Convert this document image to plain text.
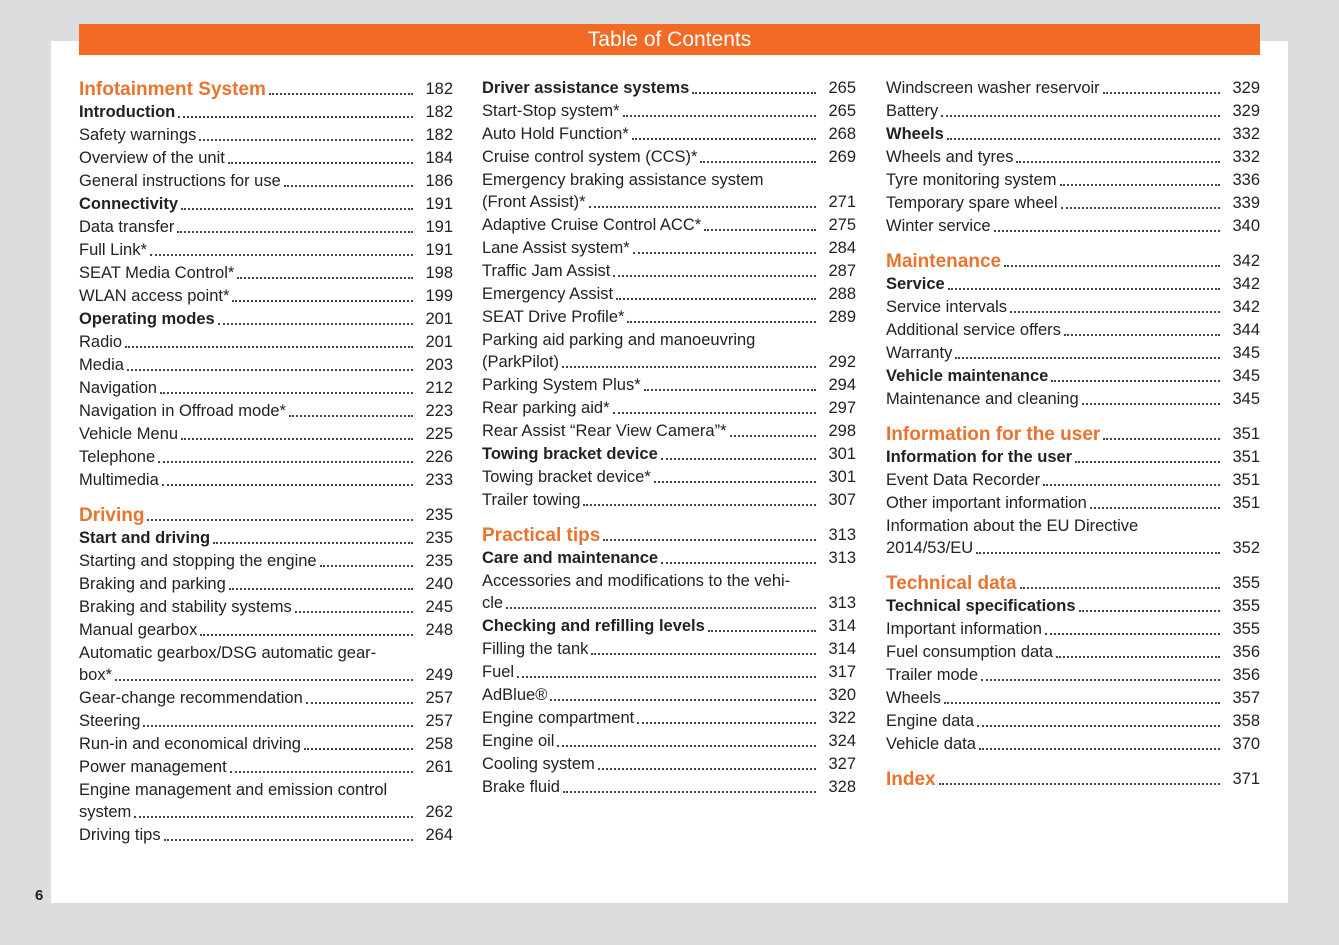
Table of Contents
Infotainment System	182
Introduction	182
Safety warnings	182
Overview of the unit	184
General instructions for use	186
Connectivity	191
Data transfer	191
Full Link*	191
SEAT Media Control*	198
WLAN access point*	199
Operating modes	201
Radio	201
Media	203
Navigation	212
Navigation in Offroad mode*	223
Vehicle Menu	225
Telephone	226
Multimedia	233
Driving	235
Start and driving	235
Starting and stopping the engine	235
Braking and parking	240
Braking and stability systems	245
Manual gearbox	248
Automatic gearbox/DSG automatic gear-
box*	249
Gear-change recommendation	257
Steering	257
Run-in and economical driving	258
Power management	261
Engine management and emission control
system	262
Driving tips	264
Driver assistance systems	265
Start-Stop system*	265
Auto Hold Function*	268
Cruise control system (CCS)*	269
Emergency braking assistance system
(Front Assist)*	271
Adaptive Cruise Control ACC*	275
Lane Assist system*	284
Traffic Jam Assist	287
Emergency Assist	288
SEAT Drive Profile*	289
Parking aid parking and manoeuvring
(ParkPilot)	292
Parking System Plus*	294
Rear parking aid*	297
Rear Assist “Rear View Camera”*	298
Towing bracket device	301
Towing bracket device*	301
Trailer towing	307
Practical tips	313
Care and maintenance	313
Accessories and modifications to the vehi-
cle	313
Checking and refilling levels	314
Filling the tank	314
Fuel	317
AdBlue®	320
Engine compartment	322
Engine oil	324
Cooling system	327
Brake fluid	328
Windscreen washer reservoir	329
Battery	329
Wheels	332
Wheels and tyres	332
Tyre monitoring system	336
Temporary spare wheel	339
Winter service	340
Maintenance	342
Service	342
Service intervals	342
Additional service offers	344
Warranty	345
Vehicle maintenance	345
Maintenance and cleaning	345
Information for the user	351
Information for the user	351
Event Data Recorder	351
Other important information	351
Information about the EU Directive
2014/53/EU	352
Technical data	355
Technical specifications	355
Important information	355
Fuel consumption data	356
Trailer mode	356
Wheels	357
Engine data	358
Vehicle data	370
Index	371
6
